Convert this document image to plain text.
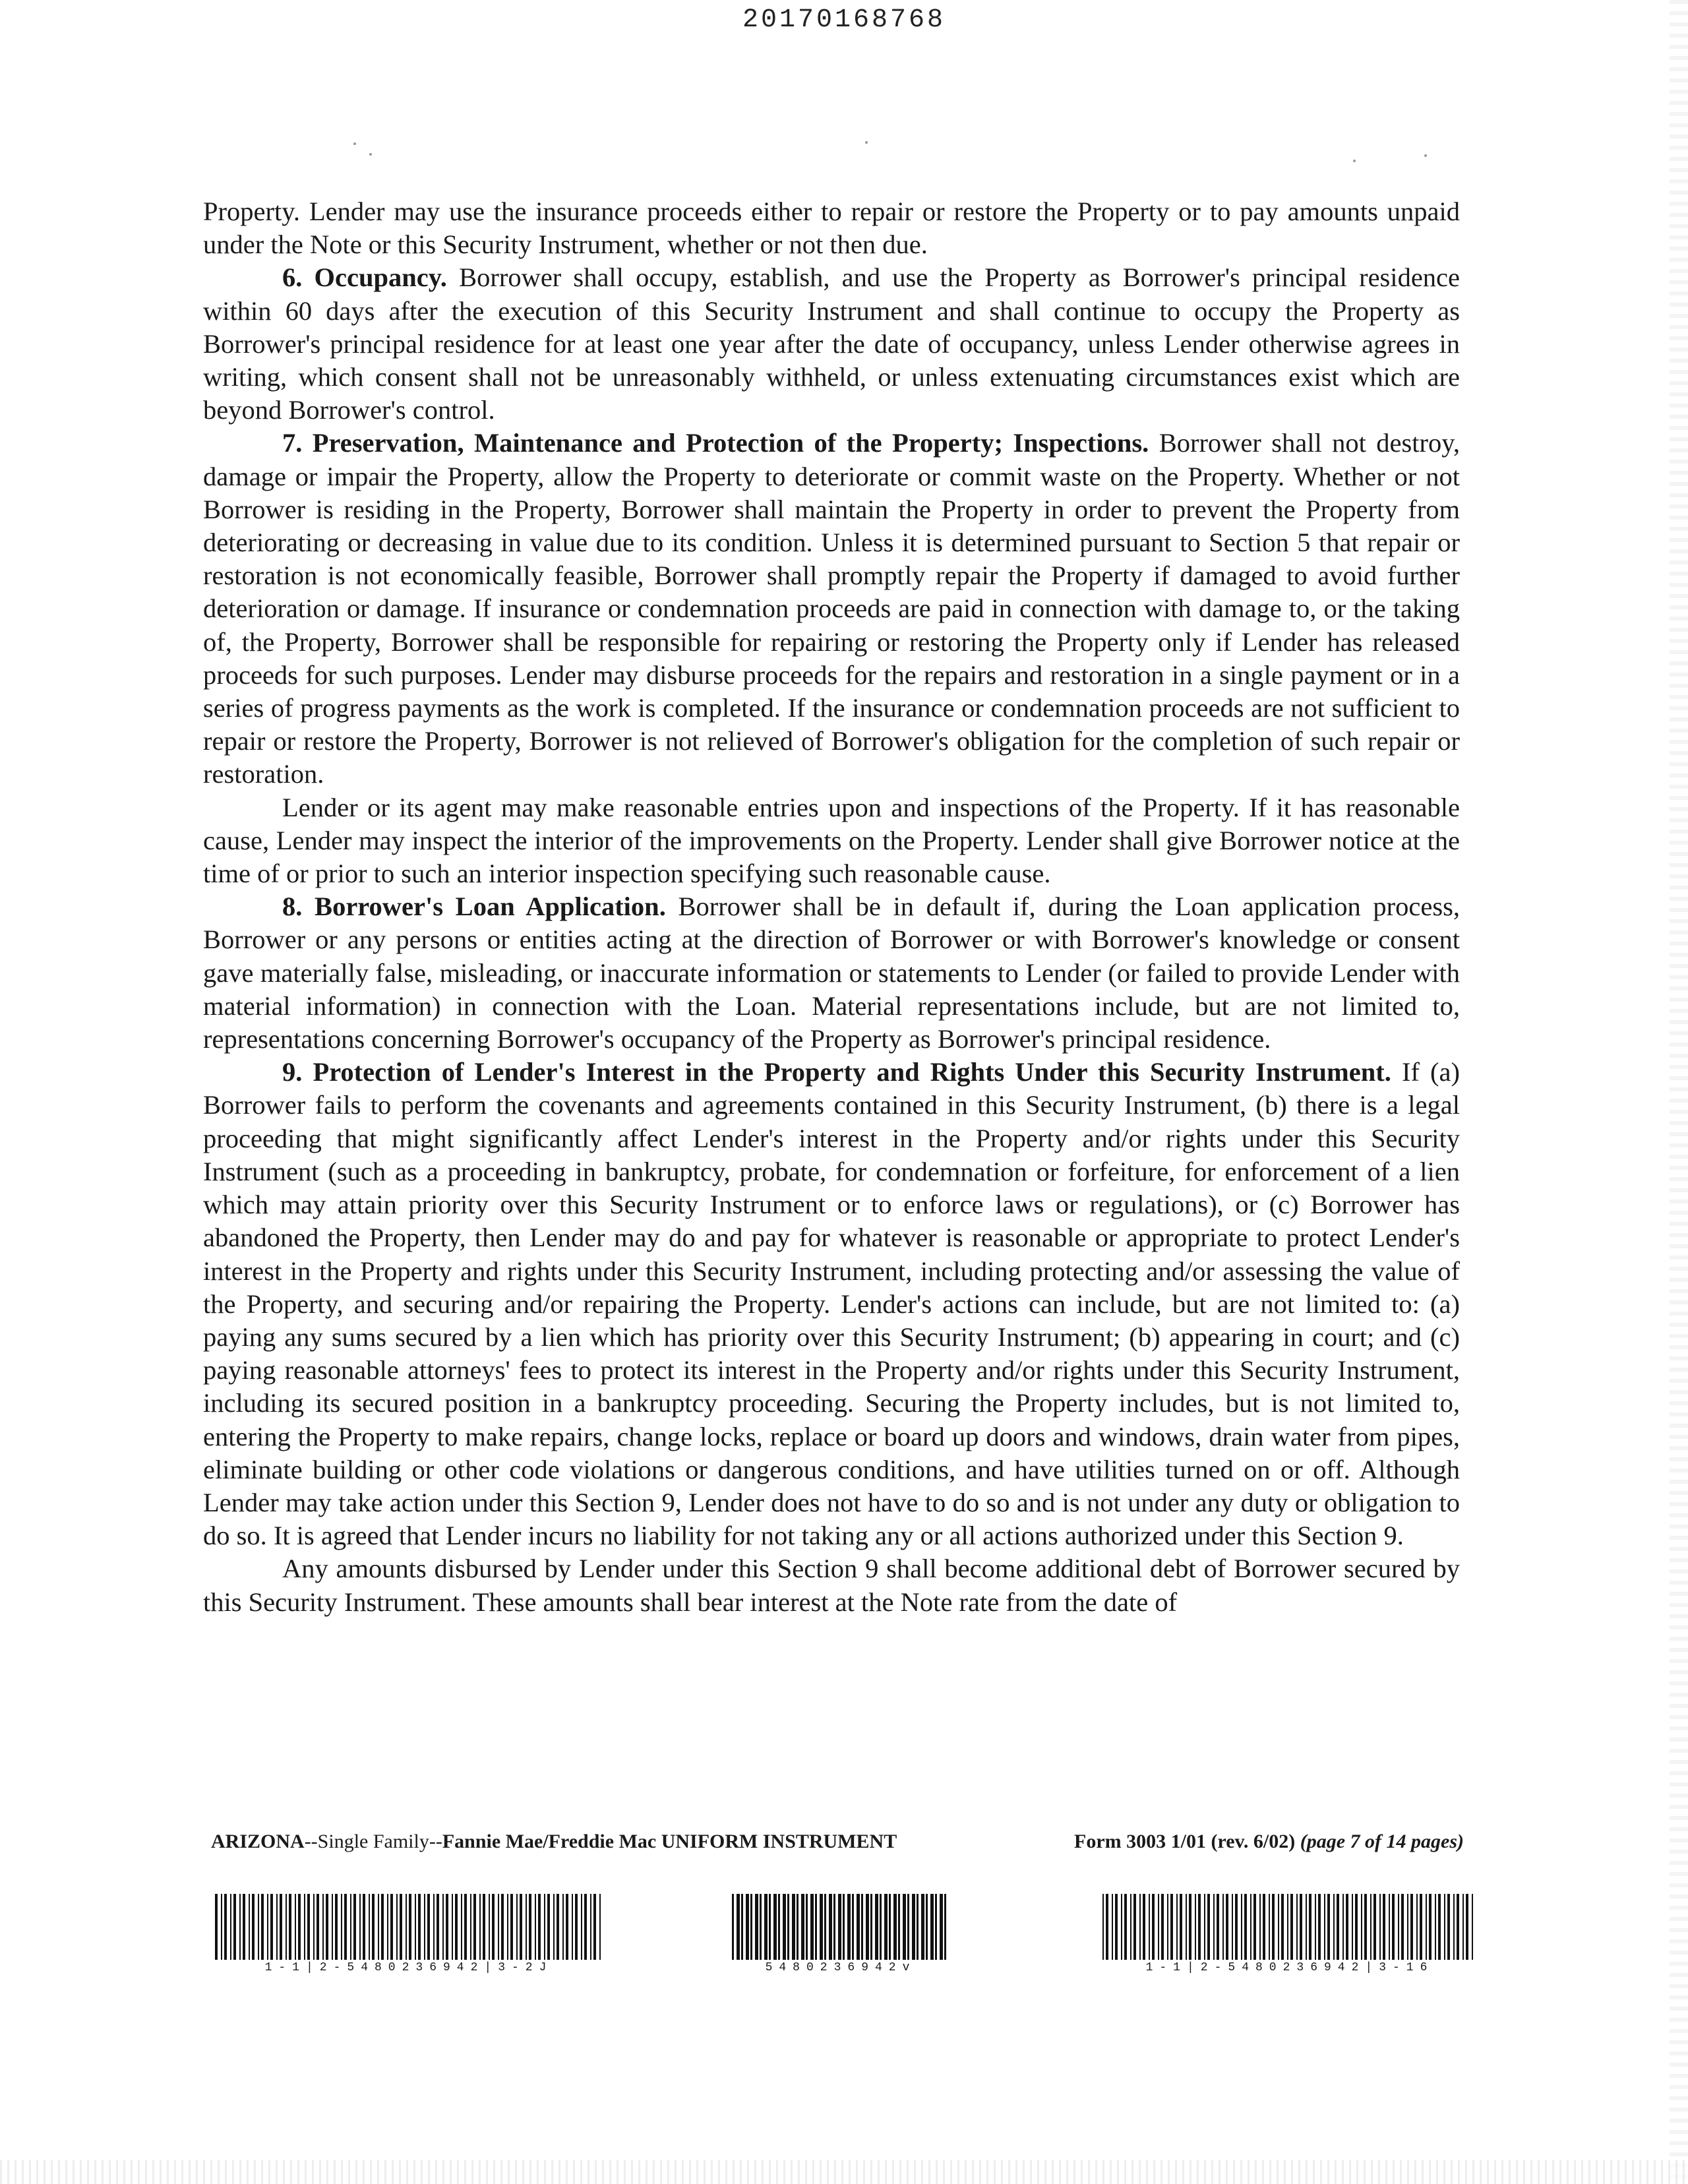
20170168768

Property. Lender may use the insurance proceeds either to repair or restore the Property or to pay amounts unpaid under the Note or this Security Instrument, whether or not then due.

6. Occupancy. Borrower shall occupy, establish, and use the Property as Borrower's principal residence within 60 days after the execution of this Security Instrument and shall continue to occupy the Property as Borrower's principal residence for at least one year after the date of occupancy, unless Lender otherwise agrees in writing, which consent shall not be unreasonably withheld, or unless extenuating circumstances exist which are beyond Borrower's control.

7. Preservation, Maintenance and Protection of the Property; Inspections. Borrower shall not destroy, damage or impair the Property, allow the Property to deteriorate or commit waste on the Property. Whether or not Borrower is residing in the Property, Borrower shall maintain the Property in order to prevent the Property from deteriorating or decreasing in value due to its condition. Unless it is determined pursuant to Section 5 that repair or restoration is not economically feasible, Borrower shall promptly repair the Property if damaged to avoid further deterioration or damage. If insurance or condemnation proceeds are paid in connection with damage to, or the taking of, the Property, Borrower shall be responsible for repairing or restoring the Property only if Lender has released proceeds for such purposes. Lender may disburse proceeds for the repairs and restoration in a single payment or in a series of progress payments as the work is completed. If the insurance or condemnation proceeds are not sufficient to repair or restore the Property, Borrower is not relieved of Borrower's obligation for the completion of such repair or restoration.

Lender or its agent may make reasonable entries upon and inspections of the Property. If it has reasonable cause, Lender may inspect the interior of the improvements on the Property. Lender shall give Borrower notice at the time of or prior to such an interior inspection specifying such reasonable cause.

8. Borrower's Loan Application. Borrower shall be in default if, during the Loan application process, Borrower or any persons or entities acting at the direction of Borrower or with Borrower's knowledge or consent gave materially false, misleading, or inaccurate information or statements to Lender (or failed to provide Lender with material information) in connection with the Loan. Material representations include, but are not limited to, representations concerning Borrower's occupancy of the Property as Borrower's principal residence.

9. Protection of Lender's Interest in the Property and Rights Under this Security Instrument. If (a) Borrower fails to perform the covenants and agreements contained in this Security Instrument, (b) there is a legal proceeding that might significantly affect Lender's interest in the Property and/or rights under this Security Instrument (such as a proceeding in bankruptcy, probate, for condemnation or forfeiture, for enforcement of a lien which may attain priority over this Security Instrument or to enforce laws or regulations), or (c) Borrower has abandoned the Property, then Lender may do and pay for whatever is reasonable or appropriate to protect Lender's interest in the Property and rights under this Security Instrument, including protecting and/or assessing the value of the Property, and securing and/or repairing the Property. Lender's actions can include, but are not limited to: (a) paying any sums secured by a lien which has priority over this Security Instrument; (b) appearing in court; and (c) paying reasonable attorneys' fees to protect its interest in the Property and/or rights under this Security Instrument, including its secured position in a bankruptcy proceeding. Securing the Property includes, but is not limited to, entering the Property to make repairs, change locks, replace or board up doors and windows, drain water from pipes, eliminate building or other code violations or dangerous conditions, and have utilities turned on or off. Although Lender may take action under this Section 9, Lender does not have to do so and is not under any duty or obligation to do so. It is agreed that Lender incurs no liability for not taking any or all actions authorized under this Section 9.

Any amounts disbursed by Lender under this Section 9 shall become additional debt of Borrower secured by this Security Instrument. These amounts shall bear interest at the Note rate from the date of

ARIZONA--Single Family--Fannie Mae/Freddie Mac UNIFORM INSTRUMENT	Form 3003 1/01 (rev. 6/02) (page 7 of 14 pages)
1-1|2-5480236942|3-2J	5480236942v	1-1|2-5480236942|3-16
